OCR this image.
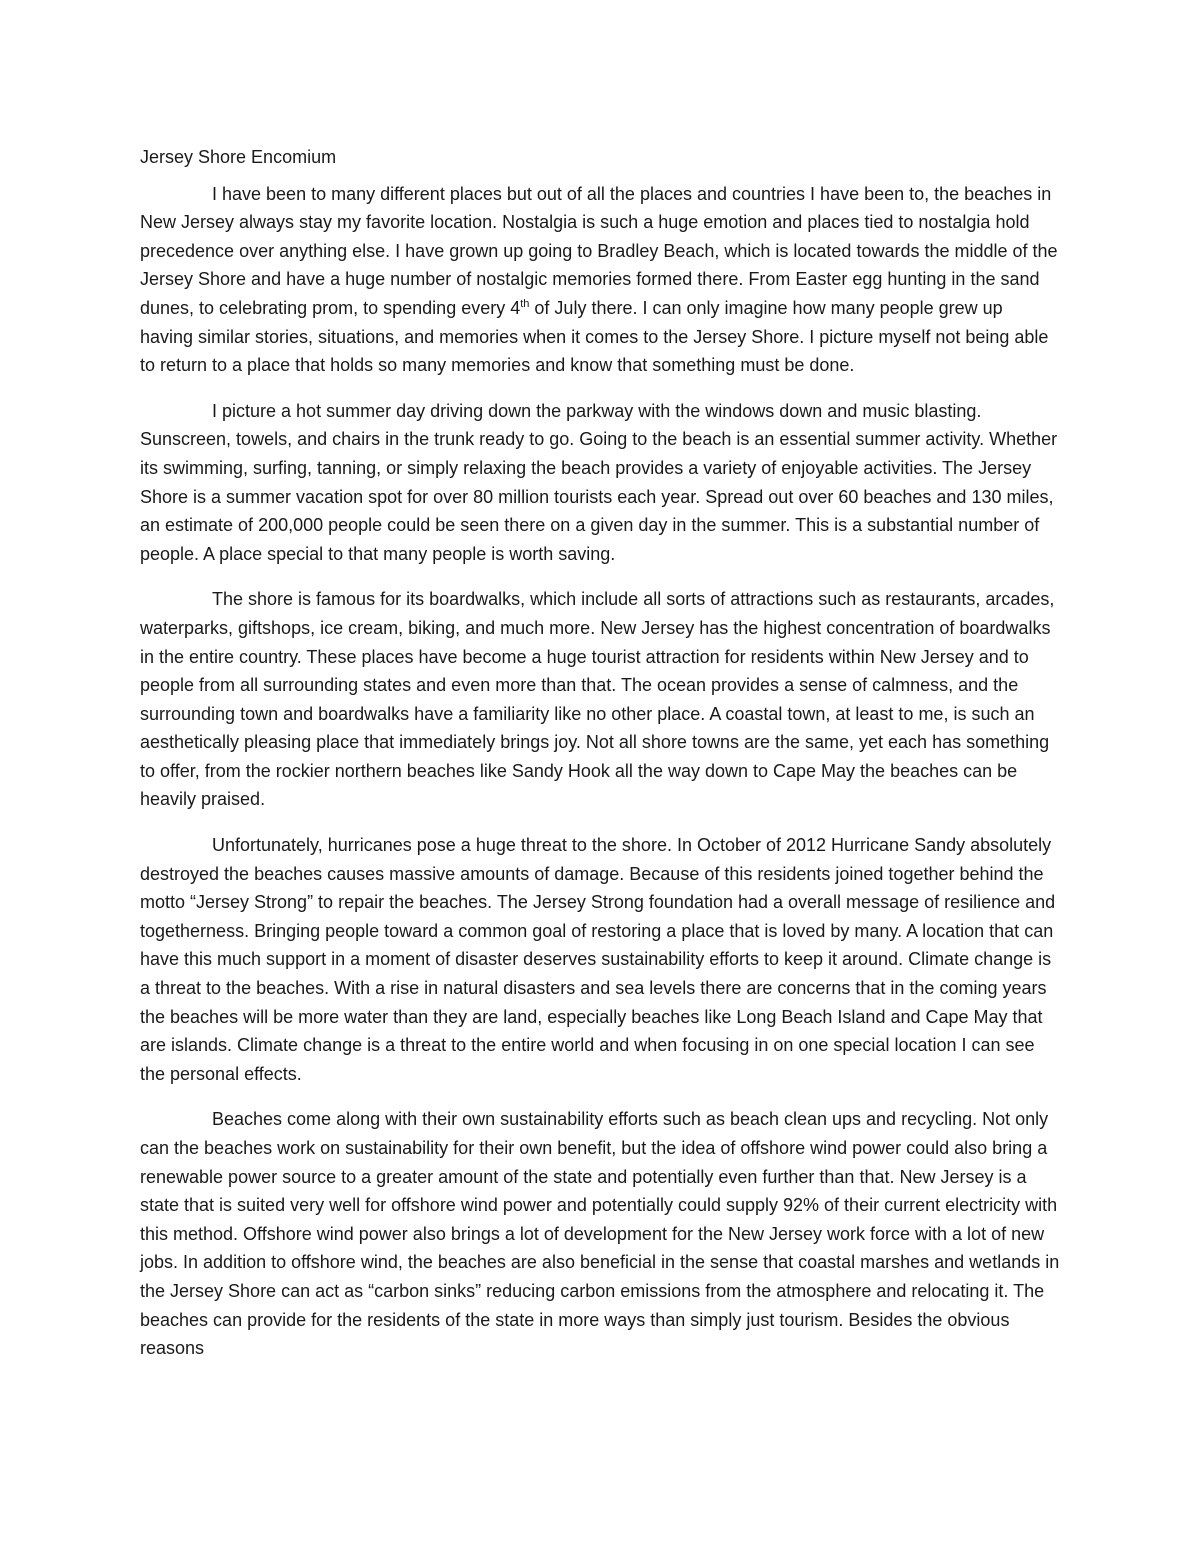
Jersey Shore Encomium

I have been to many different places but out of all the places and countries I have been to, the beaches in New Jersey always stay my favorite location. Nostalgia is such a huge emotion and places tied to nostalgia hold precedence over anything else. I have grown up going to Bradley Beach, which is located towards the middle of the Jersey Shore and have a huge number of nostalgic memories formed there. From Easter egg hunting in the sand dunes, to celebrating prom, to spending every 4th of July there. I can only imagine how many people grew up having similar stories, situations, and memories when it comes to the Jersey Shore. I picture myself not being able to return to a place that holds so many memories and know that something must be done.

I picture a hot summer day driving down the parkway with the windows down and music blasting. Sunscreen, towels, and chairs in the trunk ready to go. Going to the beach is an essential summer activity. Whether its swimming, surfing, tanning, or simply relaxing the beach provides a variety of enjoyable activities. The Jersey Shore is a summer vacation spot for over 80 million tourists each year. Spread out over 60 beaches and 130 miles, an estimate of 200,000 people could be seen there on a given day in the summer. This is a substantial number of people. A place special to that many people is worth saving.

The shore is famous for its boardwalks, which include all sorts of attractions such as restaurants, arcades, waterparks, giftshops, ice cream, biking, and much more. New Jersey has the highest concentration of boardwalks in the entire country. These places have become a huge tourist attraction for residents within New Jersey and to people from all surrounding states and even more than that. The ocean provides a sense of calmness, and the surrounding town and boardwalks have a familiarity like no other place. A coastal town, at least to me, is such an aesthetically pleasing place that immediately brings joy. Not all shore towns are the same, yet each has something to offer, from the rockier northern beaches like Sandy Hook all the way down to Cape May the beaches can be heavily praised.

Unfortunately, hurricanes pose a huge threat to the shore. In October of 2012 Hurricane Sandy absolutely destroyed the beaches causes massive amounts of damage. Because of this residents joined together behind the motto “Jersey Strong” to repair the beaches. The Jersey Strong foundation had a overall message of resilience and togetherness. Bringing people toward a common goal of restoring a place that is loved by many. A location that can have this much support in a moment of disaster deserves sustainability efforts to keep it around. Climate change is a threat to the beaches. With a rise in natural disasters and sea levels there are concerns that in the coming years the beaches will be more water than they are land, especially beaches like Long Beach Island and Cape May that are islands. Climate change is a threat to the entire world and when focusing in on one special location I can see the personal effects.

Beaches come along with their own sustainability efforts such as beach clean ups and recycling. Not only can the beaches work on sustainability for their own benefit, but the idea of offshore wind power could also bring a renewable power source to a greater amount of the state and potentially even further than that. New Jersey is a state that is suited very well for offshore wind power and potentially could supply 92% of their current electricity with this method. Offshore wind power also brings a lot of development for the New Jersey work force with a lot of new jobs. In addition to offshore wind, the beaches are also beneficial in the sense that coastal marshes and wetlands in the Jersey Shore can act as “carbon sinks” reducing carbon emissions from the atmosphere and relocating it. The beaches can provide for the residents of the state in more ways than simply just tourism. Besides the obvious reasons
